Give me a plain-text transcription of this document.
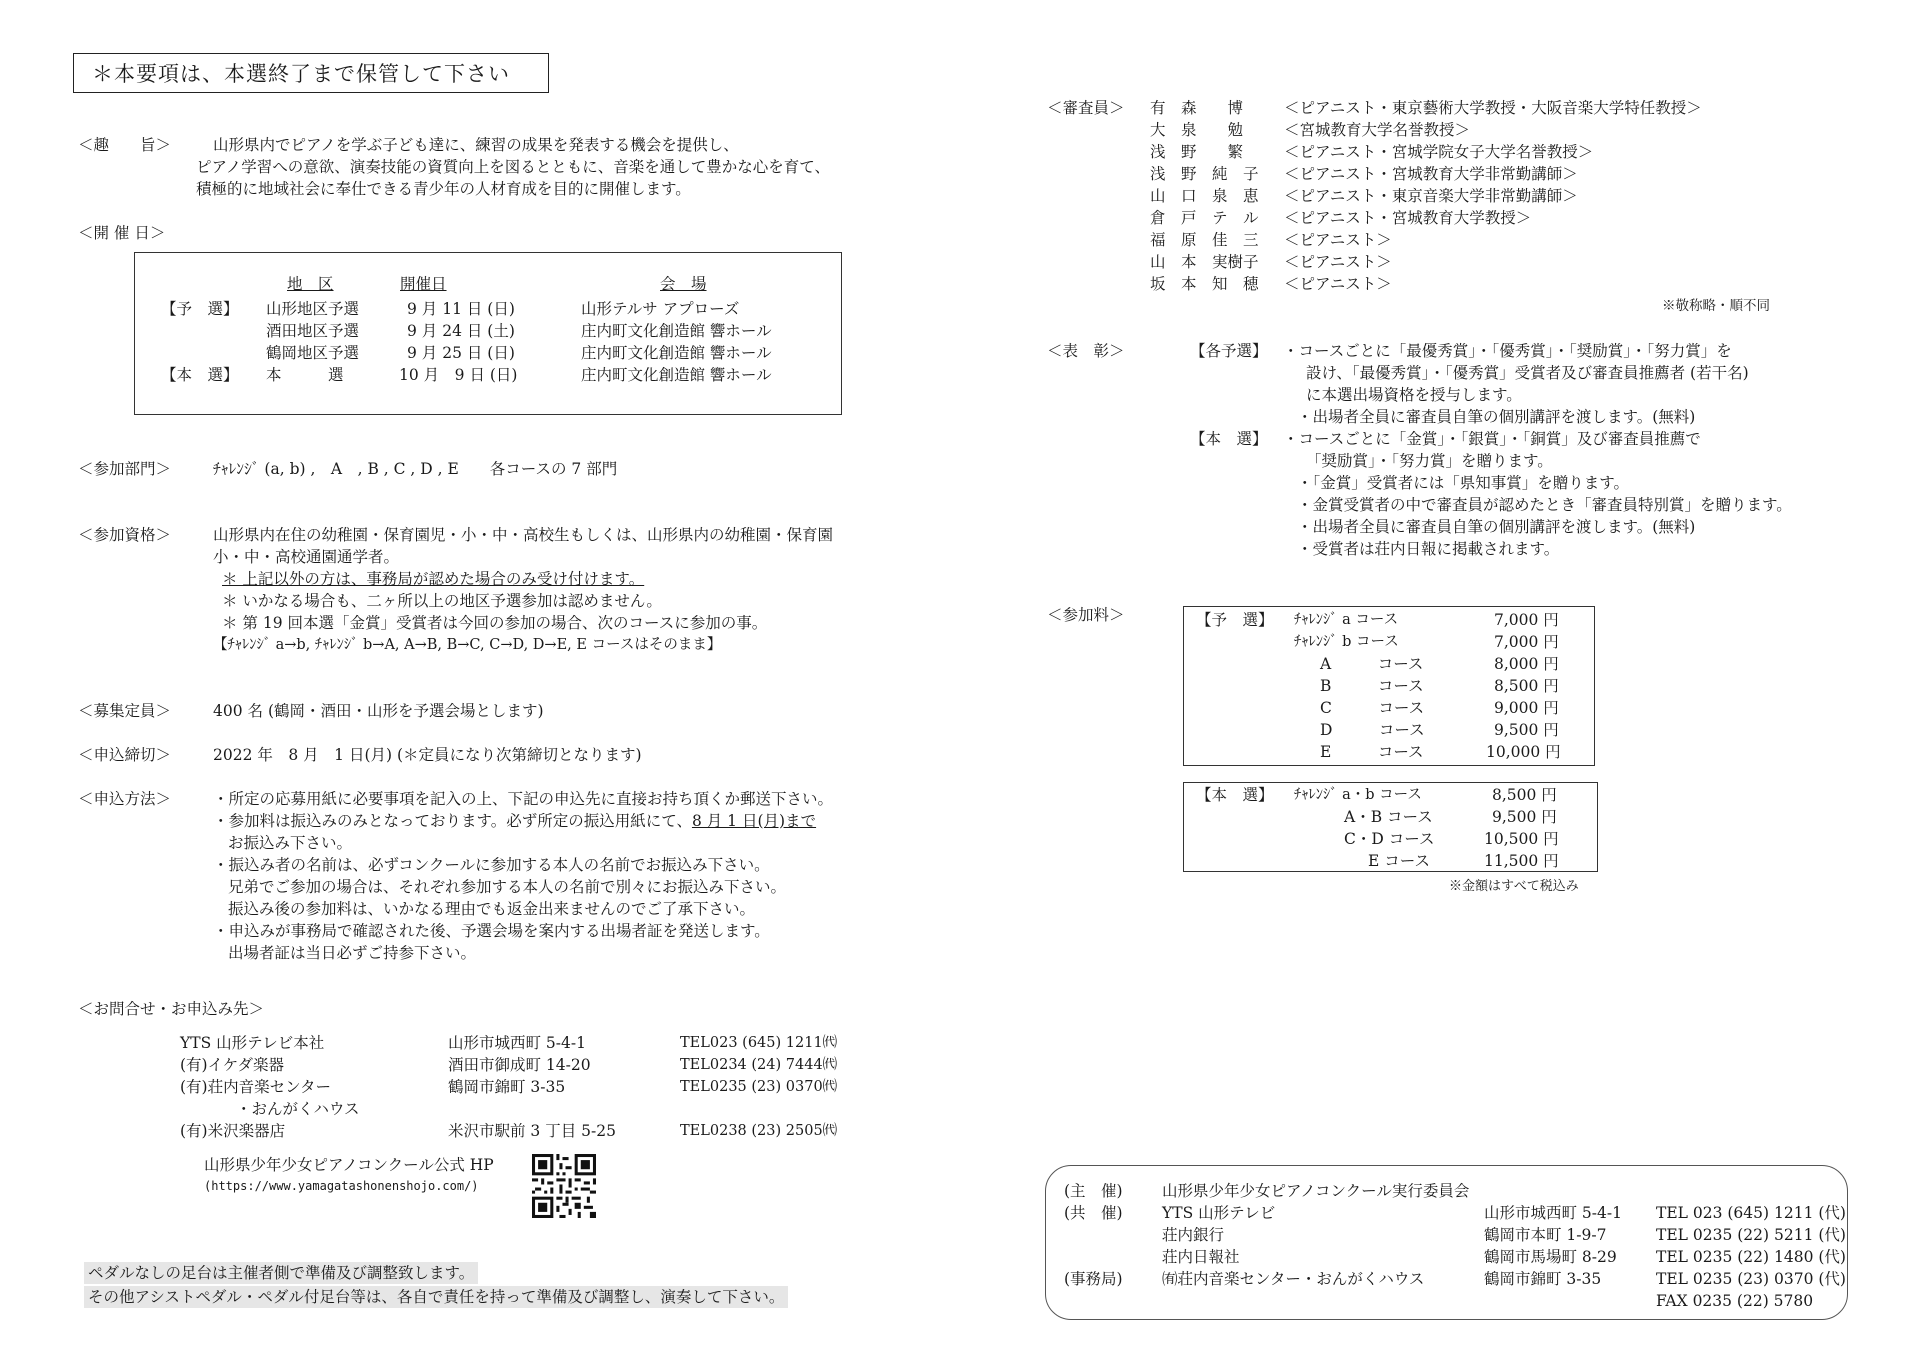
＊本要項は、本選終了まで保管して下さい
＜趣　　旨＞	山形県内でピアノを学ぶ子ども達に、練習の成果を発表する機会を提供し、
ピアノ学習への意欲、演奏技能の資質向上を図るとともに、音楽を通して豊かな心を育て、
積極的に地域社会に奉仕できる青少年の人材育成を目的に開催します。
＜開 催 日＞
地　区	開催日	会　場
【予　選】 山形地区予選	9 月 11 日 (日)	山形テルサ アプローズ
酒田地区予選	9 月 24 日 (土)	庄内町文化創造館 響ホール
鶴岡地区予選	9 月 25 日 (日)	庄内町文化創造館 響ホール
【本　選】 本　　　選	10 月　9 日 (日)	庄内町文化創造館 響ホール
＜参加部門＞	ﾁｬﾚﾝｼﾞ (a, b) ,　A　, B , C , D , E　　各コースの 7 部門
＜参加資格＞	山形県内在住の幼稚園・保育園児・小・中・高校生もしくは、山形県内の幼稚園・保育園
小・中・高校通園通学者。
＊ 上記以外の方は、事務局が認めた場合のみ受け付けます。
＊ いかなる場合も、二ヶ所以上の地区予選参加は認めません。
＊ 第 19 回本選「金賞」受賞者は今回の参加の場合、次のコースに参加の事。
【ﾁｬﾚﾝｼﾞ a→b, ﾁｬﾚﾝｼﾞ b→A, A→B, B→C, C→D, D→E, E コースはそのまま】
＜募集定員＞	400 名 (鶴岡・酒田・山形を予選会場とします)
＜申込締切＞	2022 年　8 月　1 日(月) (＊定員になり次第締切となります)
＜申込方法＞	・所定の応募用紙に必要事項を記入の上、下記の申込先に直接お持ち頂くか郵送下さい。
・参加料は振込みのみとなっております。必ず所定の振込用紙にて、8 月 1 日(月)まで
お振込み下さい。
・振込み者の名前は、必ずコンクールに参加する本人の名前でお振込み下さい。
兄弟でご参加の場合は、それぞれ参加する本人の名前で別々にお振込み下さい。
振込み後の参加料は、いかなる理由でも返金出来ませんのでご了承下さい。
・申込みが事務局で確認された後、予選会場を案内する出場者証を発送します。
出場者証は当日必ずご持参下さい。
＜お問合せ・お申込み先＞
YTS 山形テレビ本社	山形市城西町 5-4-1	TEL023 (645) 1211㈹
(有)イケダ楽器	酒田市御成町 14-20	TEL0234 (24) 7444㈹
(有)荘内音楽センター	鶴岡市錦町 3-35	TEL0235 (23) 0370㈹
・おんがくハウス
(有)米沢楽器店	米沢市駅前 3 丁目 5-25	TEL0238 (23) 2505㈹
山形県少年少女ピアノコンクール公式 HP
(https://www.yamagatashonenshojo.com/)
ペダルなしの足台は主催者側で準備及び調整致します。
その他アシストペダル・ペダル付足台等は、各自で責任を持って準備及び調整し、演奏して下さい。
＜審査員＞ 有　森　　博	＜ピアニスト・東京藝術大学教授・大阪音楽大学特任教授＞
大　泉　　勉	＜宮城教育大学名誉教授＞
浅　野　　繁	＜ピアニスト・宮城学院女子大学名誉教授＞
浅　野　純　子 ＜ピアニスト・宮城教育大学非常勤講師＞
山　口　泉　恵 ＜ピアニスト・東京音楽大学非常勤講師＞
倉　戸　テ　ル ＜ピアニスト・宮城教育大学教授＞
福　原　佳　三 ＜ピアニスト＞
山　本　実樹子 ＜ピアニスト＞
坂　本　知　穂 ＜ピアニスト＞
※敬称略・順不同
＜表　彰＞	【各予選】 ・コースごとに「最優秀賞」・「優秀賞」・「奨励賞」・「努力賞」を
設け、「最優秀賞」・「優秀賞」受賞者及び審査員推薦者 (若干名)
に本選出場資格を授与します。
・出場者全員に審査員自筆の個別講評を渡します。(無料)
【本　選】 ・コースごとに「金賞」・「銀賞」・「銅賞」及び審査員推薦で
「奨励賞」・「努力賞」を贈ります。
・「金賞」受賞者には「県知事賞」を贈ります。
・金賞受賞者の中で審査員が認めたとき「審査員特別賞」を贈ります。
・出場者全員に審査員自筆の個別講評を渡します。(無料)
・受賞者は荘内日報に掲載されます。
＜参加料＞	【予　選】 ﾁｬﾚﾝｼﾞ a コース	7,000 円
ﾁｬﾚﾝｼﾞ b コース	7,000 円
A　　　コース	8,000 円
B　　　コース	8,500 円
C　　　コース	9,000 円
D　　　コース	9,500 円
E　　　コース	10,000 円
【本　選】 ﾁｬﾚﾝｼﾞ a・b コース	8,500 円
A・B コース	9,500 円
C・D コース	10,500 円
E コース	11,500 円
※金額はすべて税込み
(主　催)	山形県少年少女ピアノコンクール実行委員会
(共　催)	YTS 山形テレビ	山形市城西町 5-4-1 TEL 023 (645) 1211 (代)
荘内銀行	鶴岡市本町 1-9-7	TEL 0235 (22) 5211 (代)
荘内日報社	鶴岡市馬場町 8-29	TEL 0235 (22) 1480 (代)
(事務局)	㈲荘内音楽センター・おんがくハウス	鶴岡市錦町 3-35	TEL 0235 (23) 0370 (代)
FAX 0235 (22) 5780
